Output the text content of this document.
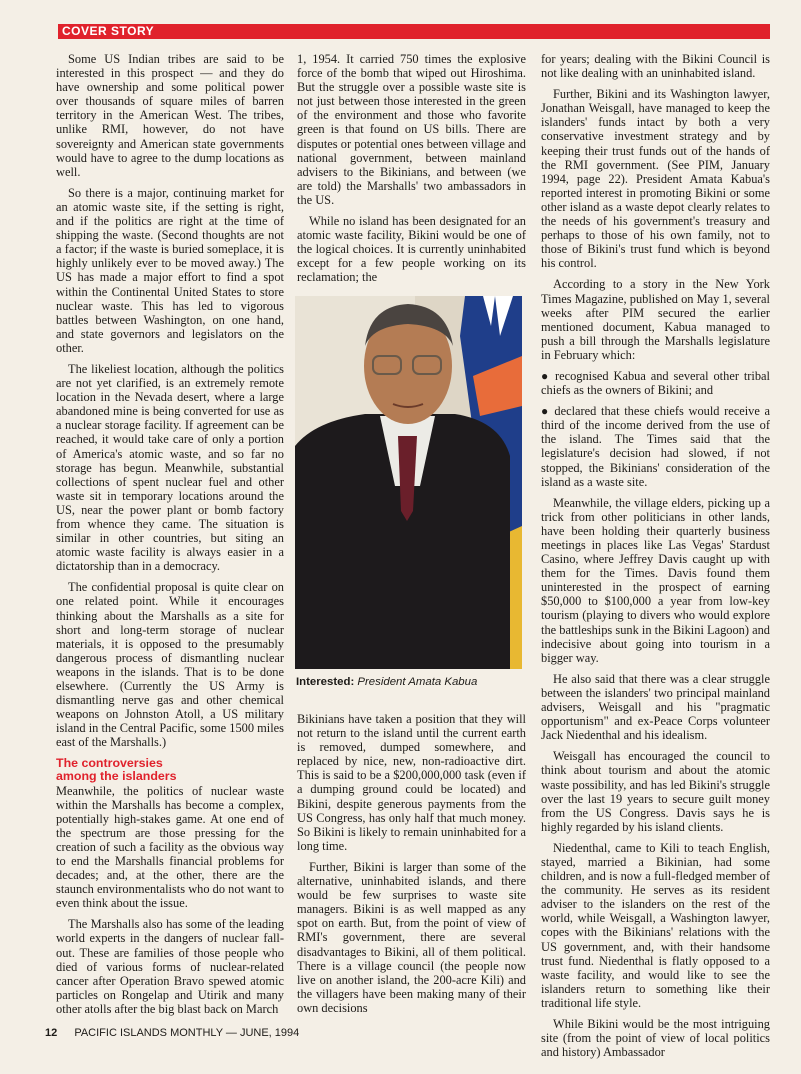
COVER STORY

Some US Indian tribes are said to be interested in this prospect — and they do have ownership and some political power over thousands of square miles of barren territory in the American West. The tribes, unlike RMI, however, do not have sovereignty and American state governments would have to agree to the dump locations as well.

So there is a major, continuing market for an atomic waste site, if the setting is right, and if the politics are right at the time of shipping the waste. (Second thoughts are not a factor; if the waste is buried someplace, it is highly unlikely ever to be moved away.) The US has made a major effort to find a spot within the Continental United States to store nuclear waste. This has led to vigorous battles between Washington, on one hand, and state governors and legislators on the other.

The likeliest location, although the politics are not yet clarified, is an extremely remote location in the Nevada desert, where a large abandoned mine is being converted for use as a nuclear storage facility. If agreement can be reached, it would take care of only a portion of America's atomic waste, and so far no storage has begun. Meanwhile, substantial collections of spent nuclear fuel and other waste sit in temporary locations around the US, near the power plant or bomb factory from whence they came. The situation is similar in other countries, but siting an atomic waste facility is always easier in a dictatorship than in a democracy.

The confidential proposal is quite clear on one related point. While it encourages thinking about the Marshalls as a site for short and long-term storage of nuclear materials, it is opposed to the presumably dangerous process of dismantling nuclear weapons in the islands. That is to be done elsewhere. (Currently the US Army is dismantling nerve gas and other chemical weapons on Johnston Atoll, a US military island in the Central Pacific, some 1500 miles east of the Marshalls.)

The controversies
among the islanders

Meanwhile, the politics of nuclear waste within the Marshalls has become a complex, potentially high-stakes game. At one end of the spectrum are those pressing for the creation of such a facility as the obvious way to end the Marshalls financial problems for decades; and, at the other, there are the staunch environmentalists who do not want to even think about the issue.

The Marshalls also has some of the leading world experts in the dangers of nuclear fall-out. These are families of those people who died of various forms of nuclear-related cancer after Operation Bravo spewed atomic particles on Rongelap and Utirik and many other atolls after the big blast back on March

1, 1954. It carried 750 times the explosive force of the bomb that wiped out Hiroshima. But the struggle over a possible waste site is not just between those interested in the green of the environment and those who favorite green is that found on US bills. There are disputes or potential ones between village and national government, between mainland advisers to the Bikinians, and between (we are told) the Marshalls' two ambassadors in the US.

While no island has been designated for an atomic waste facility, Bikini would be one of the logical choices. It is currently uninhabited except for a few people working on its reclamation; the

Interested: President Amata Kabua

Bikinians have taken a position that they will not return to the island until the current earth is removed, dumped somewhere, and replaced by nice, new, non-radioactive dirt. This is said to be a $200,000,000 task (even if a dumping ground could be located) and Bikini, despite generous payments from the US Congress, has only half that much money. So Bikini is likely to remain uninhabited for a long time.

Further, Bikini is larger than some of the alternative, uninhabited islands, and there would be few surprises to waste site managers. Bikini is as well mapped as any spot on earth. But, from the point of view of RMI's government, there are several disadvantages to Bikini, all of them political. There is a village council (the people now live on another island, the 200-acre Kili) and the villagers have been making many of their own decisions

for years; dealing with the Bikini Council is not like dealing with an uninhabited island.

Further, Bikini and its Washington lawyer, Jonathan Weisgall, have managed to keep the islanders' funds intact by both a very conservative investment strategy and by keeping their trust funds out of the hands of the RMI government. (See PIM, January 1994, page 22). President Amata Kabua's reported interest in promoting Bikini or some other island as a waste depot clearly relates to the needs of his government's treasury and perhaps to those of his own family, not to those of Bikini's trust fund which is beyond his control.

According to a story in the New York Times Magazine, published on May 1, several weeks after PIM secured the earlier mentioned document, Kabua managed to push a bill through the Marshalls legislature in February which:

● recognised Kabua and several other tribal chiefs as the owners of Bikini; and

● declared that these chiefs would receive a third of the income derived from the use of the island. The Times said that the legislature's decision had slowed, if not stopped, the Bikinians' consideration of the island as a waste site.

Meanwhile, the village elders, picking up a trick from other politicians in other lands, have been holding their quarterly business meetings in places like Las Vegas' Stardust Casino, where Jeffrey Davis caught up with them for the Times. Davis found them uninterested in the prospect of earning $50,000 to $100,000 a year from low-key tourism (playing to divers who would explore the battleships sunk in the Bikini Lagoon) and indecisive about going into tourism in a bigger way.

He also said that there was a clear struggle between the islanders' two principal mainland advisers, Weisgall and his "pragmatic opportunism" and ex-Peace Corps volunteer Jack Niedenthal and his idealism.

Weisgall has encouraged the council to think about tourism and about the atomic waste possibility, and has led Bikini's struggle over the last 19 years to secure guilt money from the US Congress. Davis says he is highly regarded by his island clients.

Niedenthal, came to Kili to teach English, stayed, married a Bikinian, had some children, and is now a full-fledged member of the community. He serves as its resident adviser to the islanders on the rest of the world, while Weisgall, a Washington lawyer, copes with the Bikinians' relations with the US government, and, with their handsome trust fund. Niedenthal is flatly opposed to a waste facility, and would like to see the islanders return to something like their traditional life style.

While Bikini would be the most intriguing site (from the point of view of local politics and history) Ambassador

12 PACIFIC ISLANDS MONTHLY — JUNE, 1994
